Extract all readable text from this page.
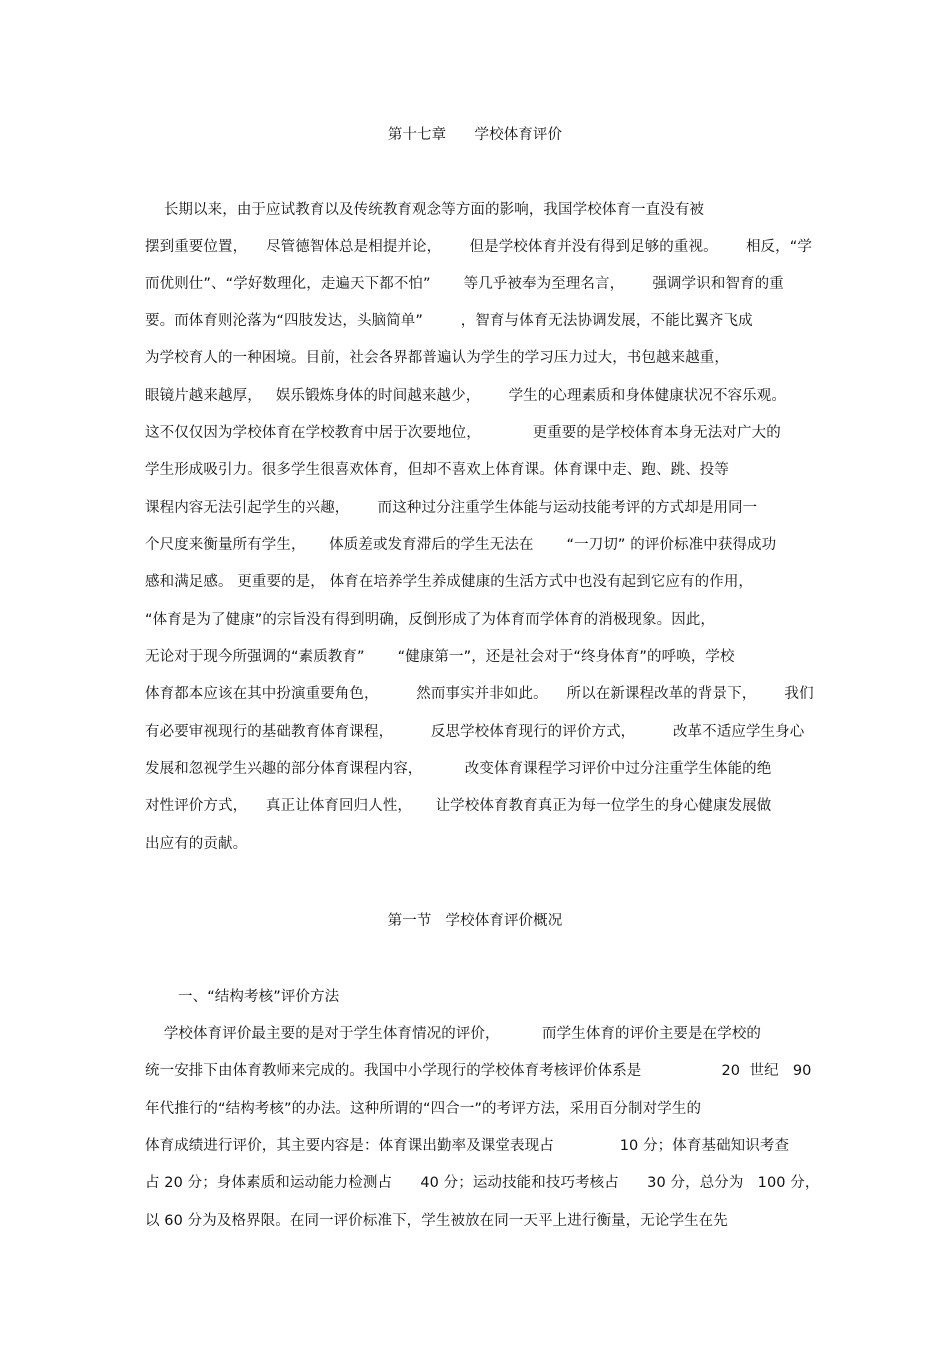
第十七章      学校体育评价
长期以来，由于应试教育以及传统教育观念等方面的影响，我国学校体育一直没有被
摆到重要位置，    尽管德智体总是相提并论，      但是学校体育并没有得到足够的重视。      相反，“学
而优则仕”、“学好数理化，走遍天下都不怕”       等几乎被奉为至理名言，      强调学识和智育的重
要。而体育则沦落为“四肢发达，头脑简单”        ，智育与体育无法协调发展，不能比翼齐飞成
为学校育人的一种困境。目前，社会各界都普遍认为学生的学习压力过大，书包越来越重，
眼镜片越来越厚，   娱乐锻炼身体的时间越来越少，      学生的心理素质和身体健康状况不容乐观。
这不仅仅因为学校体育在学校教育中居于次要地位，           更重要的是学校体育本身无法对广大的
学生形成吸引力。很多学生很喜欢体育，但却不喜欢上体育课。体育课中走、跑、跳、投等
课程内容无法引起学生的兴趣，      而这种过分注重学生体能与运动技能考评的方式却是用同一
个尺度来衡量所有学生，     体质差或发育滞后的学生无法在       “一刀切” 的评价标准中获得成功
感和满足感。 更重要的是， 体育在培养学生养成健康的生活方式中也没有起到它应有的作用，
“体育是为了健康”的宗旨没有得到明确，反倒形成了为体育而学体育的消极现象。因此，
无论对于现今所强调的“素质教育”       “健康第一”，还是社会对于“终身体育”的呼唤，学校
体育都本应该在其中扮演重要角色，        然而事实并非如此。    所以在新课程改革的背景下，      我们
有必要审视现行的基础教育体育课程，        反思学校体育现行的评价方式，        改革不适应学生身心
发展和忽视学生兴趣的部分体育课程内容，         改变体育课程学习评价中过分注重学生体能的绝
对性评价方式，    真正让体育回归人性，     让学校体育教育真正为每一位学生的身心健康发展做
出应有的贡献。
第一节   学校体育评价概况
一、“结构考核”评价方法
学校体育评价最主要的是对于学生体育情况的评价，         而学生体育的评价主要是在学校的
统一安排下由体育教师来完成的。我国中小学现行的学校体育考核评价体系是                 20  世纪   90
年代推行的“结构考核”的办法。这种所谓的“四合一”的考评方法，采用百分制对学生的
体育成绩进行评价，其主要内容是：体育课出勤率及课堂表现占              10 分；体育基础知识考查
占 20 分；身体素质和运动能力检测占      40 分；运动技能和技巧考核占      30 分，总分为   100 分，
以 60 分为及格界限。在同一评价标准下，学生被放在同一天平上进行衡量，无论学生在先
